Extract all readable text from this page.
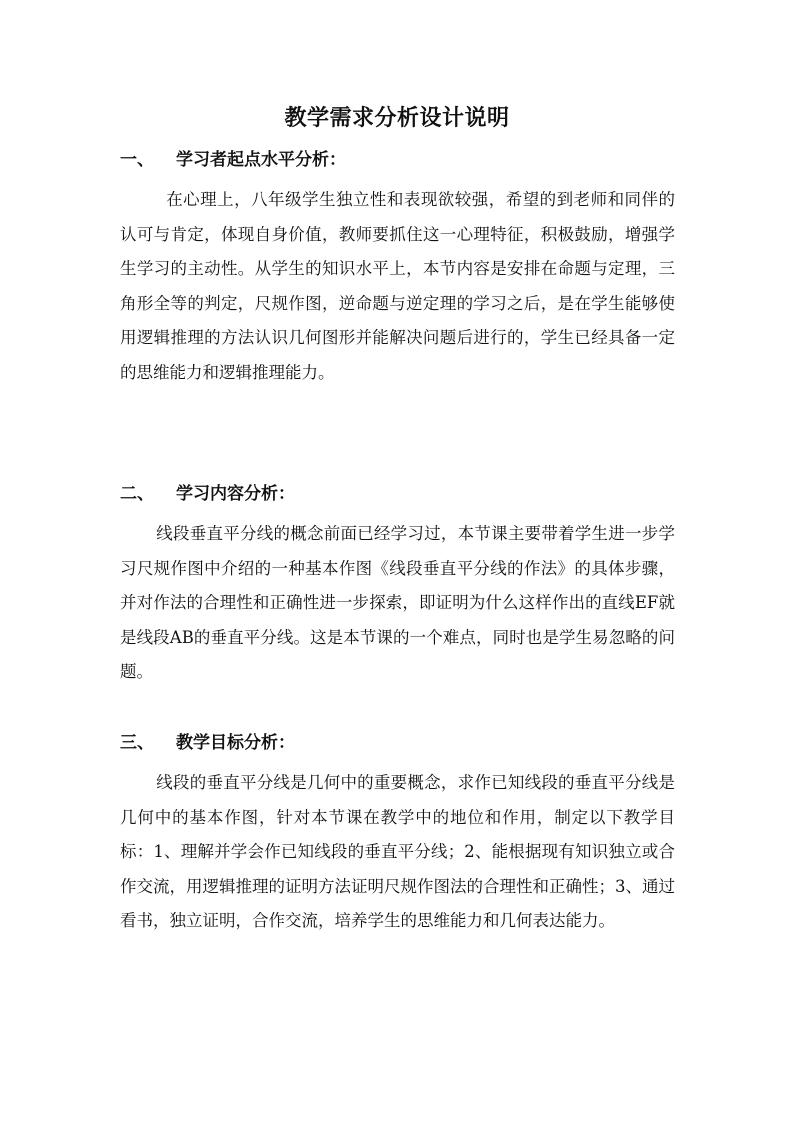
教学需求分析设计说明
一、 学习者起点水平分析：
在心理上，八年级学生独立性和表现欲较强，希望的到老师和同伴的认可与肯定，体现自身价值，教师要抓住这一心理特征，积极鼓励，增强学生学习的主动性。从学生的知识水平上，本节内容是安排在命题与定理，三角形全等的判定，尺规作图，逆命题与逆定理的学习之后，是在学生能够使用逻辑推理的方法认识几何图形并能解决问题后进行的，学生已经具备一定的思维能力和逻辑推理能力。
二、 学习内容分析：
线段垂直平分线的概念前面已经学习过，本节课主要带着学生进一步学习尺规作图中介绍的一种基本作图《线段垂直平分线的作法》的具体步骤，并对作法的合理性和正确性进一步探索，即证明为什么这样作出的直线EF就是线段AB的垂直平分线。这是本节课的一个难点，同时也是学生易忽略的问题。
三、 教学目标分析：
线段的垂直平分线是几何中的重要概念，求作已知线段的垂直平分线是几何中的基本作图，针对本节课在教学中的地位和作用，制定以下教学目标：1、理解并学会作已知线段的垂直平分线；2、能根据现有知识独立或合作交流，用逻辑推理的证明方法证明尺规作图法的合理性和正确性；3、通过看书，独立证明，合作交流，培养学生的思维能力和几何表达能力。
